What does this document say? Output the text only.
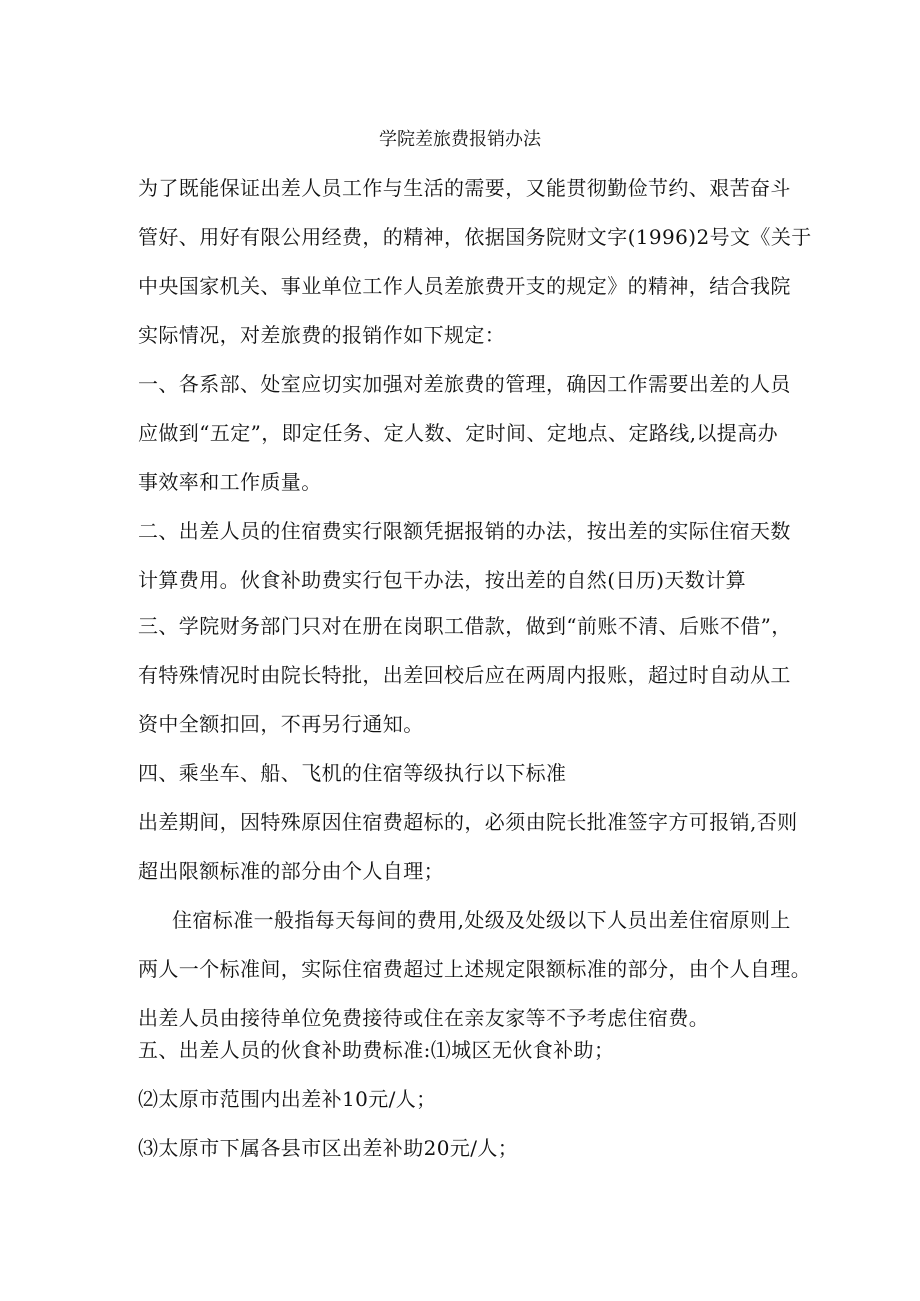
学院差旅费报销办法
为了既能保证出差人员工作与生活的需要，又能贯彻勤俭节约、艰苦奋斗
管好、用好有限公用经费，的精神，依据国务院财文字(1996)2号文《关于
中央国家机关、事业单位工作人员差旅费开支的规定》的精神，结合我院
实际情况，对差旅费的报销作如下规定：
一、各系部、处室应切实加强对差旅费的管理，确因工作需要出差的人员
应做到“五定”，即定任务、定人数、定时间、定地点、定路线,以提高办
事效率和工作质量。
二、出差人员的住宿费实行限额凭据报销的办法，按出差的实际住宿天数
计算费用。伙食补助费实行包干办法，按出差的自然(日历)天数计算
三、学院财务部门只对在册在岗职工借款，做到“前账不清、后账不借”，
有特殊情况时由院长特批，出差回校后应在两周内报账，超过时自动从工
资中全额扣回，不再另行通知。
四、乘坐车、船、飞机的住宿等级执行以下标准
出差期间，因特殊原因住宿费超标的，必须由院长批准签字方可报销,否则
超出限额标准的部分由个人自理；
住宿标准一般指每天每间的费用,处级及处级以下人员出差住宿原则上
两人一个标准间，实际住宿费超过上述规定限额标准的部分，由个人自理。
出差人员由接待单位免费接待或住在亲友家等不予考虑住宿费。
五、出差人员的伙食补助费标准:⑴城区无伙食补助；
⑵太原市范围内出差补10元/人；
⑶太原市下属各县市区出差补助20元/人；
